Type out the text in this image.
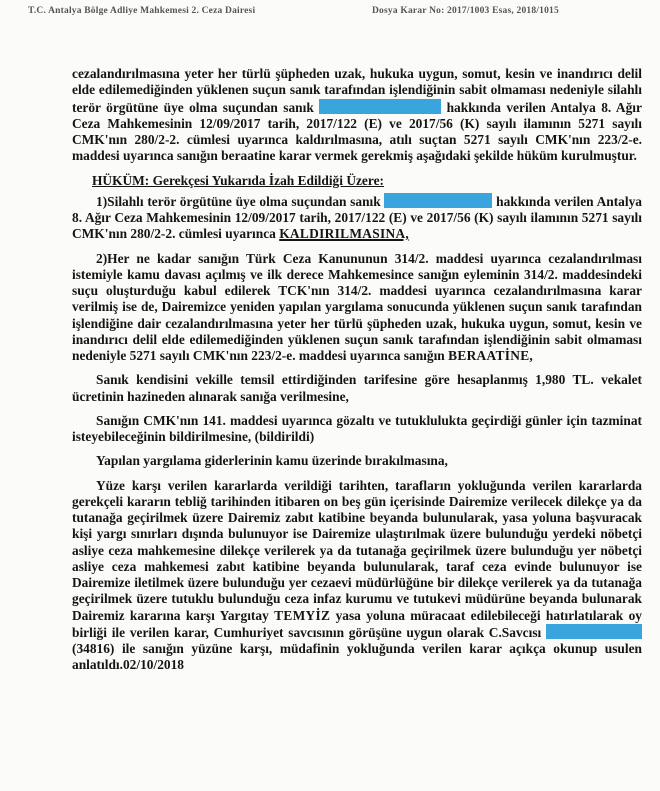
T.C. Antalya Bölge Adliye Mahkemesi 2. Ceza Dairesi	Dosya Karar No: 2017/1003 Esas, 2018/1015

cezalandırılmasına yeter her türlü şüpheden uzak, hukuka uygun, somut, kesin ve inandırıcı delil elde edilemediğinden yüklenen suçun sanık tarafından işlendiğinin sabit olmaması nedeniyle silahlı terör örgütüne üye olma suçundan sanık	hakkında verilen Antalya 8. Ağır Ceza Mahkemesinin 12/09/2017 tarih, 2017/122 (E) ve 2017/56 (K) sayılı ilamının 5271 sayılı CMK'nın 280/2-2. cümlesi uyarınca kaldırılmasına, atılı suçtan 5271 sayılı CMK'nın 223/2-e. maddesi uyarınca sanığın beraatine karar vermek gerekmiş aşağıdaki şekilde hüküm kurulmuştur.

HÜKÜM: Gerekçesi Yukarıda İzah Edildiği Üzere:

1)Silahlı terör örgütüne üye olma suçundan sanık	hakkında verilen Antalya 8. Ağır Ceza Mahkemesinin 12/09/2017 tarih, 2017/122 (E) ve 2017/56 (K) sayılı ilamının 5271 sayılı CMK'nın 280/2-2. cümlesi uyarınca KALDIRILMASINA,

2)Her ne kadar sanığın Türk Ceza Kanununun 314/2. maddesi uyarınca cezalandırılması istemiyle kamu davası açılmış ve ilk derece Mahkemesince sanığın eyleminin 314/2. maddesindeki suçu oluşturduğu kabul edilerek TCK'nın 314/2. maddesi uyarınca cezalandırılmasına karar verilmiş ise de, Dairemizce yeniden yapılan yargılama sonucunda yüklenen suçun sanık tarafından işlendiğine dair cezalandırılmasına yeter her türlü şüpheden uzak, hukuka uygun, somut, kesin ve inandırıcı delil elde edilemediğinden yüklenen suçun sanık tarafından işlendiğinin sabit olmaması nedeniyle 5271 sayılı CMK'nın 223/2-e. maddesi uyarınca sanığın BERAATİNE,

Sanık kendisini vekille temsil ettirdiğinden tarifesine göre hesaplanmış 1,980 TL. vekalet ücretinin hazineden alınarak sanığa verilmesine,

Sanığın CMK'nın 141. maddesi uyarınca gözaltı ve tutuklulukta geçirdiği günler için tazminat isteyebileceğinin bildirilmesine, (bildirildi)

Yapılan yargılama giderlerinin kamu üzerinde bırakılmasına,

Yüze karşı verilen kararlarda verildiği tarihten, tarafların yokluğunda verilen kararlarda gerekçeli kararın tebliğ tarihinden itibaren on beş gün içerisinde Dairemize verilecek dilekçe ya da tutanağa geçirilmek üzere Dairemiz zabıt katibine beyanda bulunularak, yasa yoluna başvuracak kişi yargı sınırları dışında bulunuyor ise Dairemize ulaştırılmak üzere bulunduğu yerdeki nöbetçi asliye ceza mahkemesine dilekçe verilerek ya da tutanağa geçirilmek üzere bulunduğu yer nöbetçi asliye ceza mahkemesi zabıt katibine beyanda bulunularak, taraf ceza evinde bulunuyor ise Dairemize iletilmek üzere bulunduğu yer cezaevi müdürlüğüne bir dilekçe verilerek ya da tutanağa geçirilmek üzere tutuklu bulunduğu ceza infaz kurumu ve tutukevi müdürüne beyanda bulunarak Dairemiz kararına karşı Yargıtay TEMYİZ yasa yoluna müracaat edilebileceği hatırlatılarak oy birliği ile verilen karar, Cumhuriyet savcısının görüşüne uygun olarak C.Savcısı  (34816) ile sanığın yüzüne karşı, müdafinin yokluğunda verilen karar açıkça okunup usulen anlatıldı.02/10/2018
